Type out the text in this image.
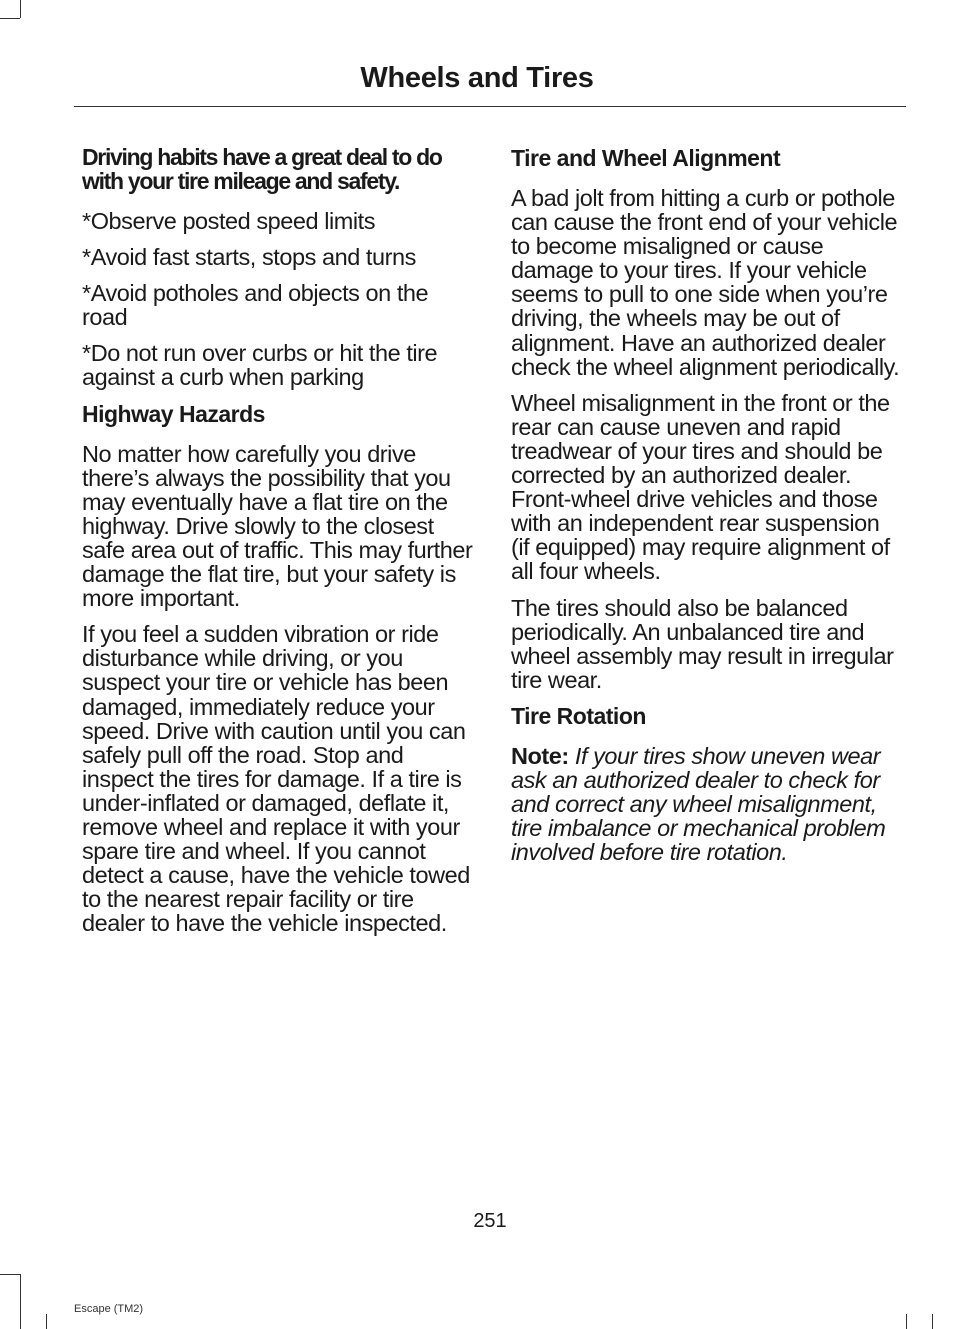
Wheels and Tires
Driving habits have a great deal to do with your tire mileage and safety.

*Observe posted speed limits

*Avoid fast starts, stops and turns

*Avoid potholes and objects on the road

*Do not run over curbs or hit the tire against a curb when parking

Highway Hazards

No matter how carefully you drive there’s always the possibility that you may eventually have a flat tire on the highway. Drive slowly to the closest safe area out of traffic. This may further damage the flat tire, but your safety is more important.

If you feel a sudden vibration or ride disturbance while driving, or you suspect your tire or vehicle has been damaged, immediately reduce your speed. Drive with caution until you can safely pull off the road. Stop and inspect the tires for damage. If a tire is under-inflated or damaged, deflate it, remove wheel and replace it with your spare tire and wheel. If you cannot detect a cause, have the vehicle towed to the nearest repair facility or tire dealer to have the vehicle inspected.

Tire and Wheel Alignment

A bad jolt from hitting a curb or pothole can cause the front end of your vehicle to become misaligned or cause damage to your tires. If your vehicle seems to pull to one side when you’re driving, the wheels may be out of alignment. Have an authorized dealer check the wheel alignment periodically.

Wheel misalignment in the front or the rear can cause uneven and rapid treadwear of your tires and should be corrected by an authorized dealer. Front-wheel drive vehicles and those with an independent rear suspension (if equipped) may require alignment of all four wheels.

The tires should also be balanced periodically. An unbalanced tire and wheel assembly may result in irregular tire wear.

Tire Rotation

Note: If your tires show uneven wear ask an authorized dealer to check for and correct any wheel misalignment, tire imbalance or mechanical problem involved before tire rotation.

251
Escape (TM2)
